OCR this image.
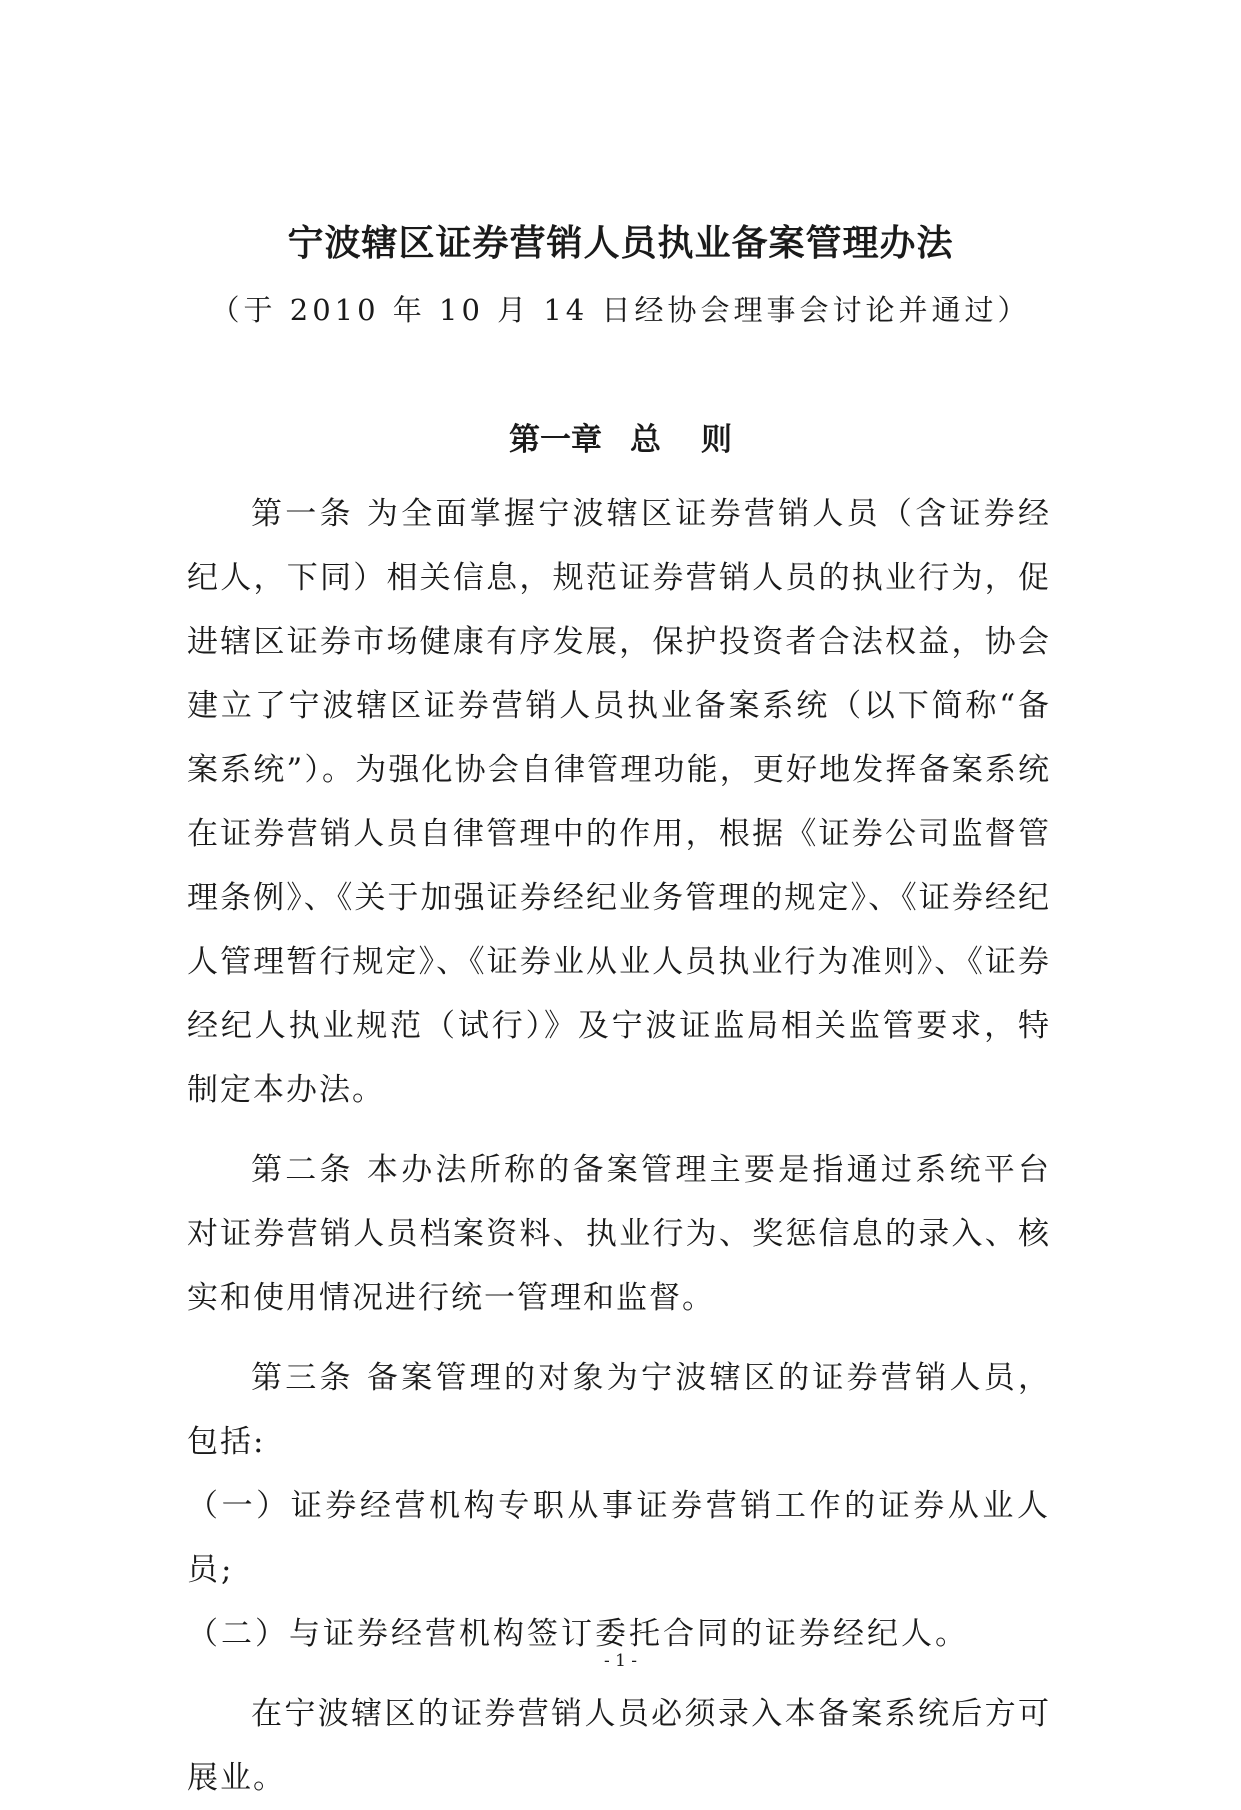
宁波辖区证券营销人员执业备案管理办法
（于 2010 年 10 月 14 日经协会理事会讨论并通过）
第一章 总 则

第一条 为全面掌握宁波辖区证券营销人员（含证券经纪人，下同）相关信息，规范证券营销人员的执业行为，促进辖区证券市场健康有序发展，保护投资者合法权益，协会建立了宁波辖区证券营销人员执业备案系统（以下简称“备案系统”）。为强化协会自律管理功能，更好地发挥备案系统在证券营销人员自律管理中的作用，根据《证券公司监督管理条例》、《关于加强证券经纪业务管理的规定》、《证券经纪人管理暂行规定》、《证券业从业人员执业行为准则》、《证券经纪人执业规范（试行）》及宁波证监局相关监管要求，特制定本办法。

第二条 本办法所称的备案管理主要是指通过系统平台对证券营销人员档案资料、执业行为、奖惩信息的录入、核实和使用情况进行统一管理和监督。

第三条 备案管理的对象为宁波辖区的证券营销人员，包括:

（一）证券经营机构专职从事证券营销工作的证券从业人员;

（二）与证券经营机构签订委托合同的证券经纪人。

在宁波辖区的证券营销人员必须录入本备案系统后方可展业。

- 1 -
